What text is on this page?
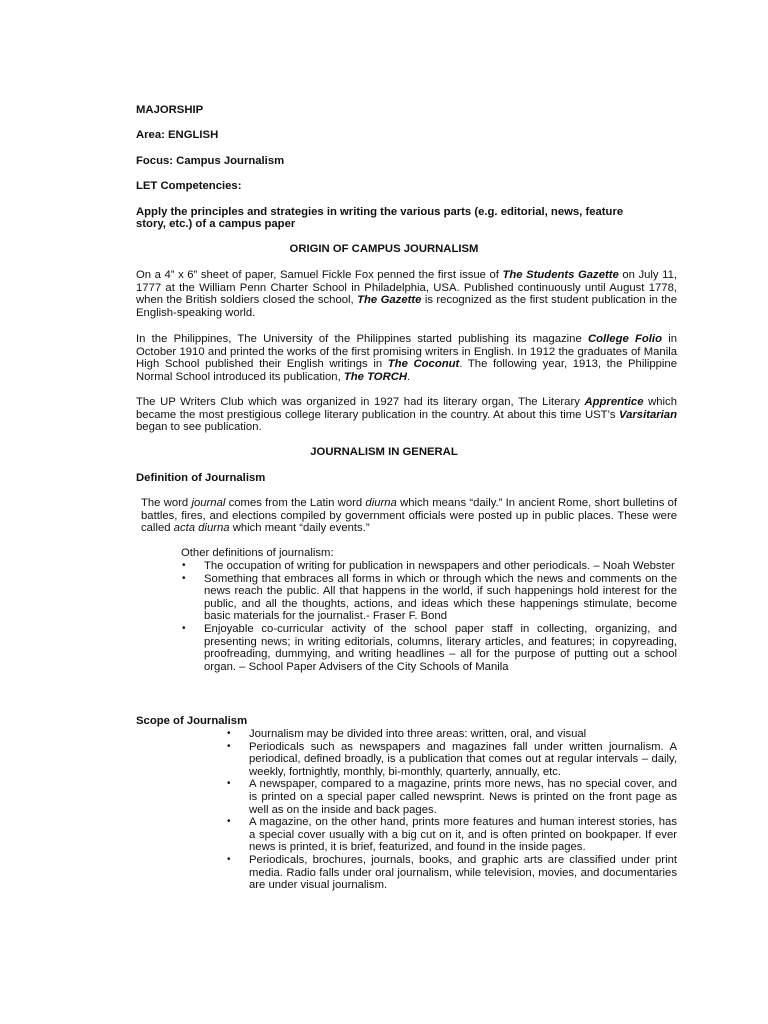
MAJORSHIP
Area: ENGLISH
Focus: Campus Journalism
LET Competencies:
Apply the principles and strategies in writing the various parts (e.g. editorial, news, feature
story, etc.) of a campus paper
ORIGIN OF CAMPUS JOURNALISM
On a 4” x 6” sheet of paper, Samuel Fickle Fox penned the first issue of The Students Gazette on July 11, 1777 at the William Penn Charter School in Philadelphia, USA. Published continuously until August 1778, when the British soldiers closed the school, The Gazette is recognized as the first student publication in the English-speaking world.
In the Philippines, The University of the Philippines started publishing its magazine College Folio in October 1910 and printed the works of the first promising writers in English. In 1912 the graduates of Manila High School published their English writings in The Coconut. The following year, 1913, the Philippine Normal School introduced its publication, The TORCH.
The UP Writers Club which was organized in 1927 had its literary organ, The Literary Apprentice which became the most prestigious college literary publication in the country. At about this time UST’s Varsitarian began to see publication.
JOURNALISM IN GENERAL
Definition of Journalism
The word journal comes from the Latin word diurna which means “daily.” In ancient Rome, short bulletins of battles, fires, and elections compiled by government officials were posted up in public places. These were called acta diurna which meant “daily events.”
Other definitions of journalism:
• The occupation of writing for publication in newspapers and other periodicals. – Noah Webster
• Something that embraces all forms in which or through which the news and comments on the news reach the public. All that happens in the world, if such happenings hold interest for the public, and all the thoughts, actions, and ideas which these happenings stimulate, become basic materials for the journalist.- Fraser F. Bond
• Enjoyable co-curricular activity of the school paper staff in collecting, organizing, and presenting news; in writing editorials, columns, literary articles, and features; in copyreading, proofreading, dummying, and writing headlines – all for the purpose of putting out a school organ. – School Paper Advisers of the City Schools of Manila
Scope of Journalism
• Journalism may be divided into three areas: written, oral, and visual
• Periodicals such as newspapers and magazines fall under written journalism. A periodical, defined broadly, is a publication that comes out at regular intervals – daily, weekly, fortnightly, monthly, bi-monthly, quarterly, annually, etc.
• A newspaper, compared to a magazine, prints more news, has no special cover, and is printed on a special paper called newsprint. News is printed on the front page as well as on the inside and back pages.
• A magazine, on the other hand, prints more features and human interest stories, has a special cover usually with a big cut on it, and is often printed on bookpaper. If ever news is printed, it is brief, featurized, and found in the inside pages.
• Periodicals, brochures, journals, books, and graphic arts are classified under print media. Radio falls under oral journalism, while television, movies, and documentaries are under visual journalism.
